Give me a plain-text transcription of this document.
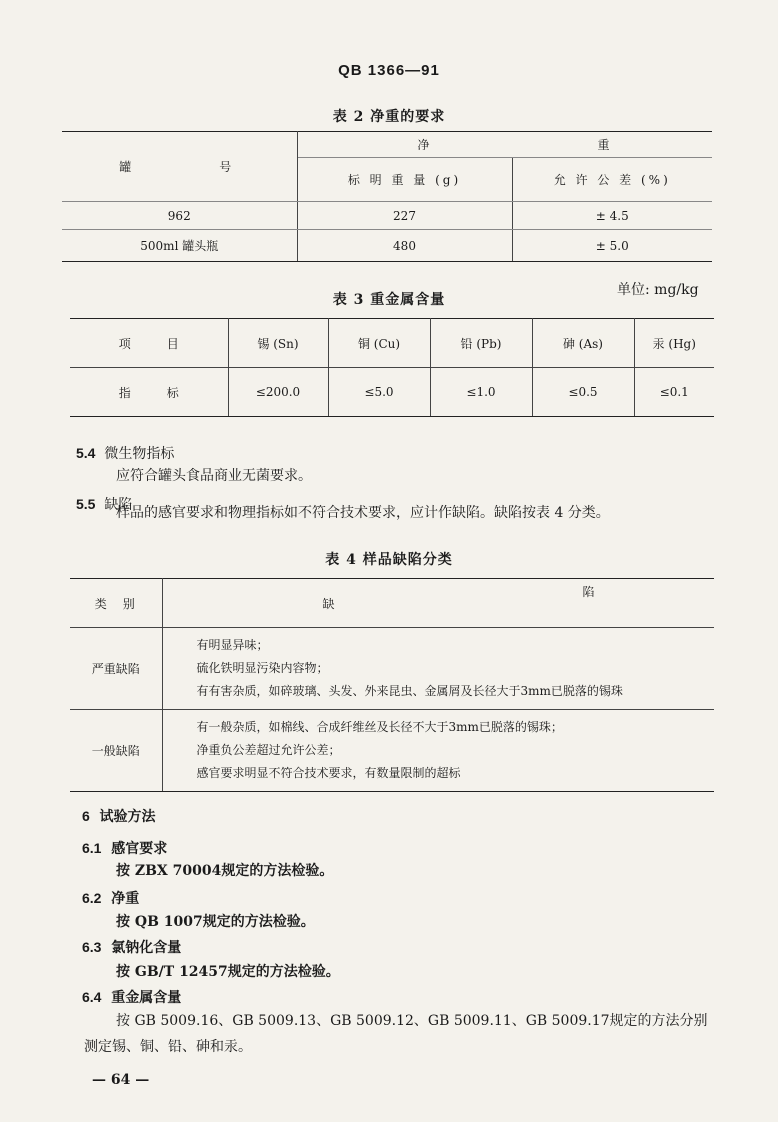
QB 1366—91
表 2 净重的要求
罐　　　　号	净 重	

	标 明 重 量 (g)	允 许 公 差 (%)
962	227	± 4.5
500ml 罐头瓶	480	± 5.0
表 3 重金属含量
单位: mg/kg
项　　　目	锡 (Sn)	铜 (Cu)	铅 (Pb)	砷 (As)	汞 (Hg)
指　　　标	≤200.0	≤5.0	≤1.0	≤0.5	≤0.1
5.4 微生物指标
应符合罐头食品商业无菌要求。
5.5 缺陷
样品的感官要求和物理指标如不符合技术要求，应计作缺陷。缺陷按表 4 分类。
表 4 样品缺陷分类
类　别	缺
陷

严重缺陷	有明显异味；
硫化铁明显污染内容物；
有有害杂质，如碎玻璃、头发、外来昆虫、金属屑及长径大于3mm已脱落的锡珠

一般缺陷	有一般杂质，如棉线、合成纤维丝及长径不大于3mm已脱落的锡珠；
净重负公差超过允许公差；
感官要求明显不符合技术要求，有数量限制的超标
6 试验方法
6.1 感官要求
按 ZBX 70004规定的方法检验。
6.2 净重
按 QB 1007规定的方法检验。
6.3 氯钠化含量
按 GB/T 12457规定的方法检验。
6.4 重金属含量
按 GB 5009.16、GB 5009.13、GB 5009.12、GB 5009.11、GB 5009.17规定的方法分别
测定锡、铜、铅、砷和汞。
— 64 —
